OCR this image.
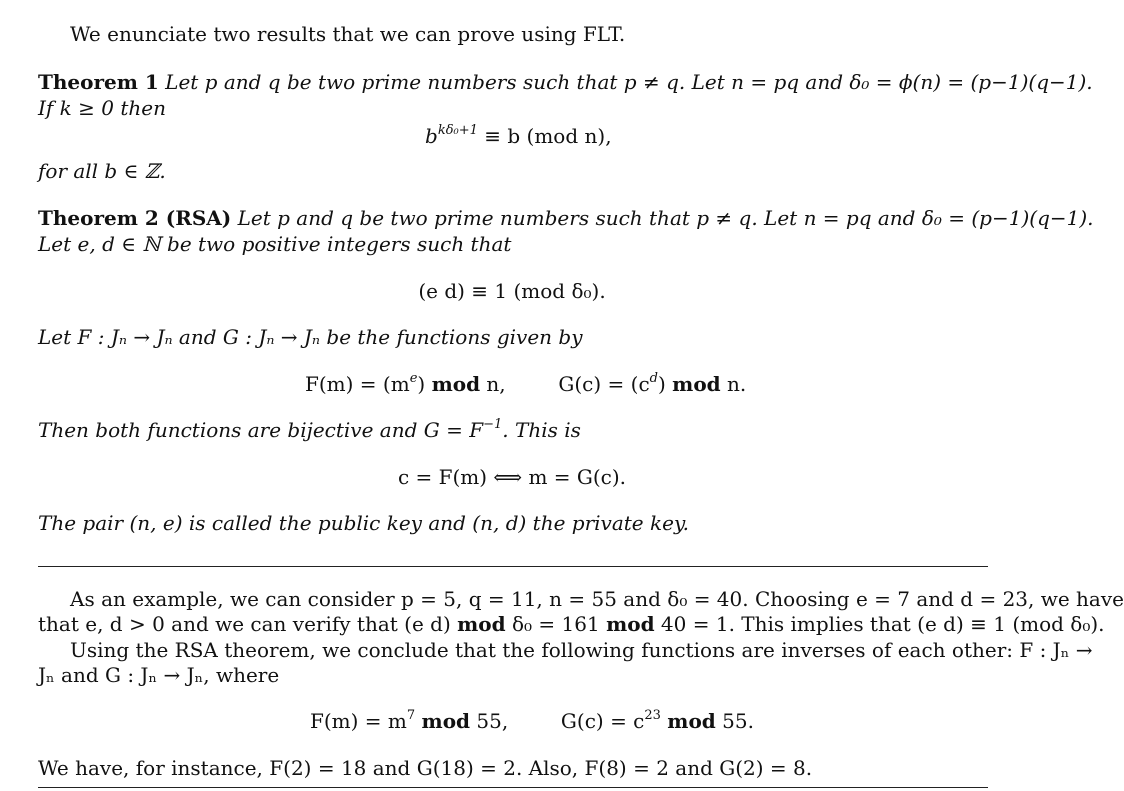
We enunciate two results that we can prove using FLT.
Theorem 1 Let p and q be two prime numbers such that p ≠ q. Let n = pq and δ₀ = ϕ(n) = (p−1)(q−1).
If k ≥ 0 then
$b^{k\delta_0+1} \equiv b$ (mod n),
for all b ∈ ℤ.
Theorem 2 (RSA) Let p and q be two prime numbers such that p ≠ q. Let n = pq and δ₀ = (p−1)(q−1).
Let e, d ∈ ℕ be two positive integers such that
(e d) ≡ 1 (mod δ₀).
Let F : Jₙ → Jₙ and G : Jₙ → Jₙ be the functions given by
$F(m) = (m^e)$ mod n,	$G(c) = (c^d)$ mod n.
Then both functions are bijective and $G = F^{-1}$. This is
c = F(m) ⟺ m = G(c).
The pair (n, e) is called the public key and (n, d) the private key.
As an example, we can consider p = 5, q = 11, n = 55 and δ₀ = 40. Choosing e = 7 and d = 23, we have
that e, d > 0 and we can verify that (e d) mod δ₀ = 161 mod 40 = 1. This implies that (e d) ≡ 1 (mod δ₀).
Using the RSA theorem, we conclude that the following functions are inverses of each other: F : Jₙ →
Jₙ and G : Jₙ → Jₙ, where
$F(m) = m^7$ mod 55,	$G(c) = c^{23}$ mod 55.
We have, for instance, F(2) = 18 and G(18) = 2. Also, F(8) = 2 and G(2) = 8.
